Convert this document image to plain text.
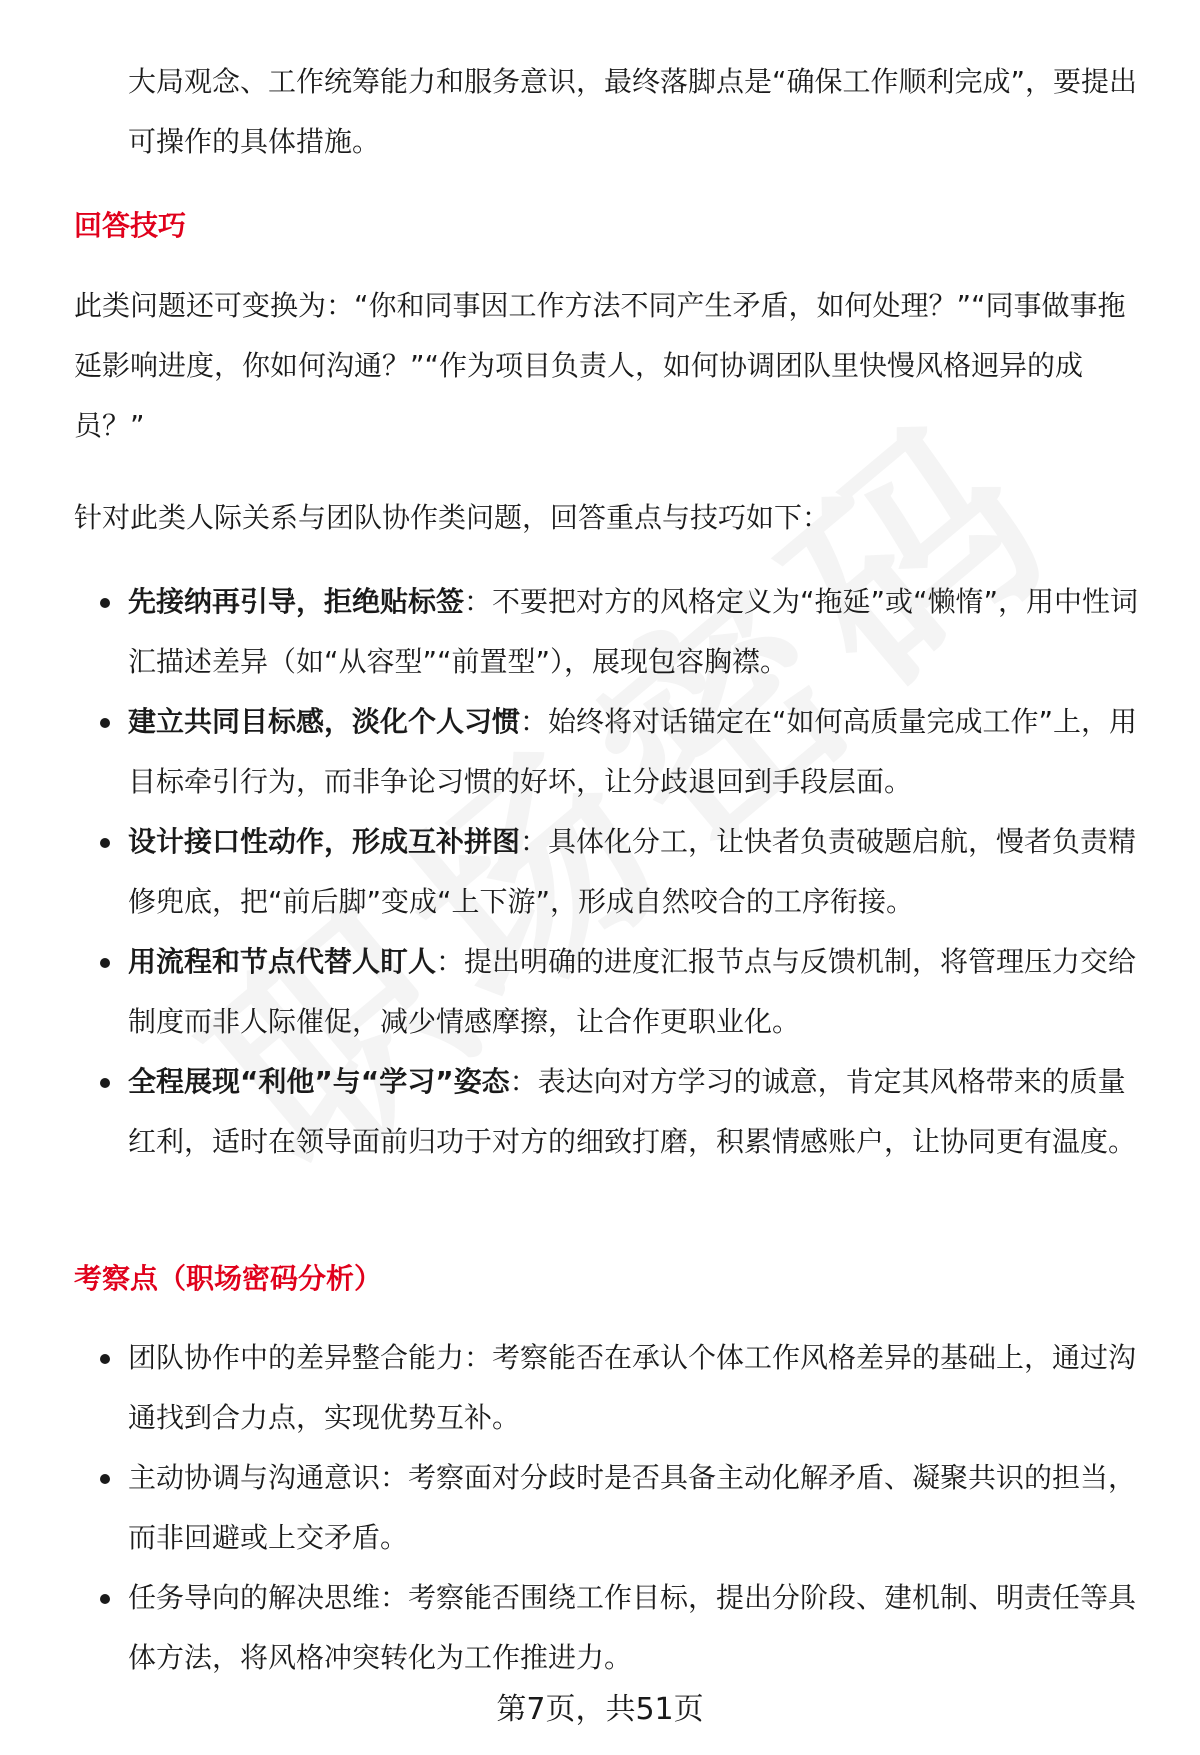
大局观念、工作统筹能力和服务意识，最终落脚点是“确保工作顺利完成”，要提出可操作的具体措施。

回答技巧

此类问题还可变换为：“你和同事因工作方法不同产生矛盾，如何处理？”“同事做事拖延影响进度，你如何沟通？”“作为项目负责人，如何协调团队里快慢风格迥异的成员？”

针对此类人际关系与团队协作类问题，回答重点与技巧如下：

先接纳再引导，拒绝贴标签：不要把对方的风格定义为“拖延”或“懒惰”，用中性词汇描述差异（如“从容型”“前置型”），展现包容胸襟。
建立共同目标感，淡化个人习惯：始终将对话锚定在“如何高质量完成工作”上，用目标牵引行为，而非争论习惯的好坏，让分歧退回到手段层面。
设计接口性动作，形成互补拼图：具体化分工，让快者负责破题启航，慢者负责精修兜底，把“前后脚”变成“上下游”，形成自然咬合的工序衔接。
用流程和节点代替人盯人：提出明确的进度汇报节点与反馈机制，将管理压力交给制度而非人际催促，减少情感摩擦，让合作更职业化。
全程展现“利他”与“学习”姿态：表达向对方学习的诚意，肯定其风格带来的质量红利，适时在领导面前归功于对方的细致打磨，积累情感账户，让协同更有温度。
考察点（职场密码分析）
团队协作中的差异整合能力：考察能否在承认个体工作风格差异的基础上，通过沟通找到合力点，实现优势互补。
主动协调与沟通意识：考察面对分歧时是否具备主动化解矛盾、凝聚共识的担当，而非回避或上交矛盾。
任务导向的解决思维：考察能否围绕工作目标，提出分阶段、建机制、明责任等具体方法，将风格冲突转化为工作推进力。
第7页，共51页
